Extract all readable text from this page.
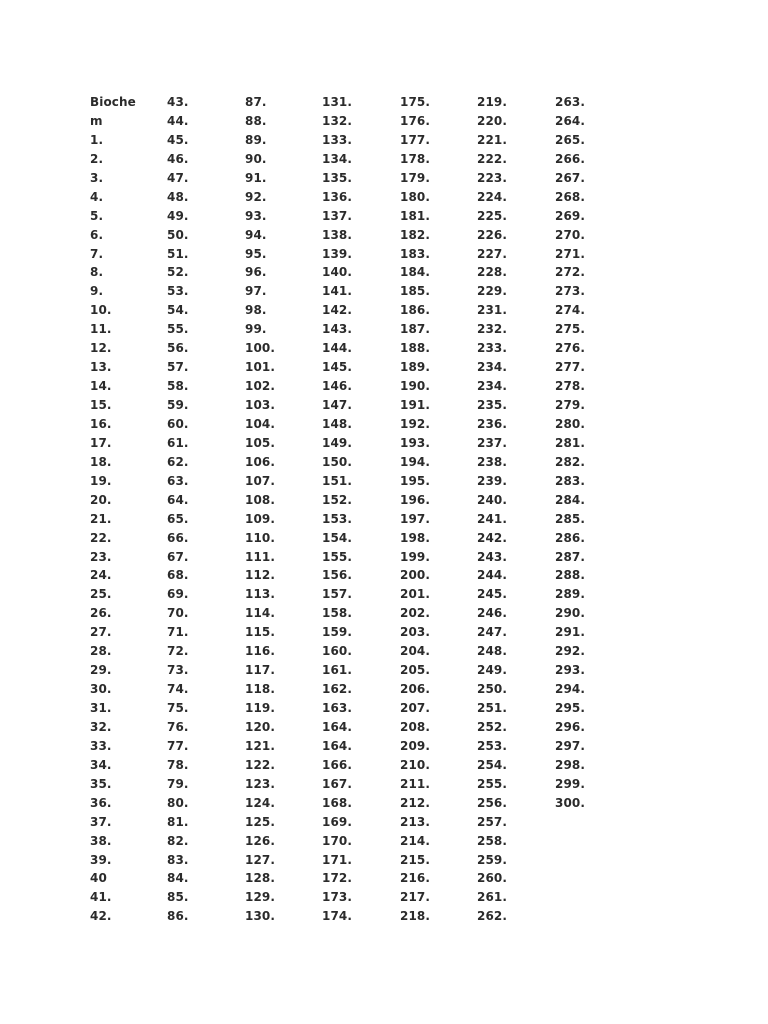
Bioche
m
1.
2.
3.
4.
5.
6.
7.
8.
9.
10.
11.
12.
13.
14.
15.
16.
17.
18.
19.
20.
21.
22.
23.
24.
25.
26.
27.
28.
29.
30.
31.
32.
33.
34.
35.
36.
37.
38.
39.
40
41.
42.
43.
44.
45.
46.
47.
48.
49.
50.
51.
52.
53.
54.
55.
56.
57.
58.
59.
60.
61.
62.
63.
64.
65.
66.
67.
68.
69.
70.
71.
72.
73.
74.
75.
76.
77.
78.
79.
80.
81.
82.
83.
84.
85.
86.
87.
88.
89.
90.
91.
92.
93.
94.
95.
96.
97.
98.
99.
100.
101.
102.
103.
104.
105.
106.
107.
108.
109.
110.
111.
112.
113.
114.
115.
116.
117.
118.
119.
120.
121.
122.
123.
124.
125.
126.
127.
128.
129.
130.
131.
132.
133.
134.
135.
136.
137.
138.
139.
140.
141.
142.
143.
144.
145.
146.
147.
148.
149.
150.
151.
152.
153.
154.
155.
156.
157.
158.
159.
160.
161.
162.
163.
164.
164.
166.
167.
168.
169.
170.
171.
172.
173.
174.
175.
176.
177.
178.
179.
180.
181.
182.
183.
184.
185.
186.
187.
188.
189.
190.
191.
192.
193.
194.
195.
196.
197.
198.
199.
200.
201.
202.
203.
204.
205.
206.
207.
208.
209.
210.
211.
212.
213.
214.
215.
216.
217.
218.
219.
220.
221.
222.
223.
224.
225.
226.
227.
228.
229.
231.
232.
233.
234.
234.
235.
236.
237.
238.
239.
240.
241.
242.
243.
244.
245.
246.
247.
248.
249.
250.
251.
252.
253.
254.
255.
256.
257.
258.
259.
260.
261.
262.
263.
264.
265.
266.
267.
268.
269.
270.
271.
272.
273.
274.
275.
276.
277.
278.
279.
280.
281.
282.
283.
284.
285.
286.
287.
288.
289.
290.
291.
292.
293.
294.
295.
296.
297.
298.
299.
300.
